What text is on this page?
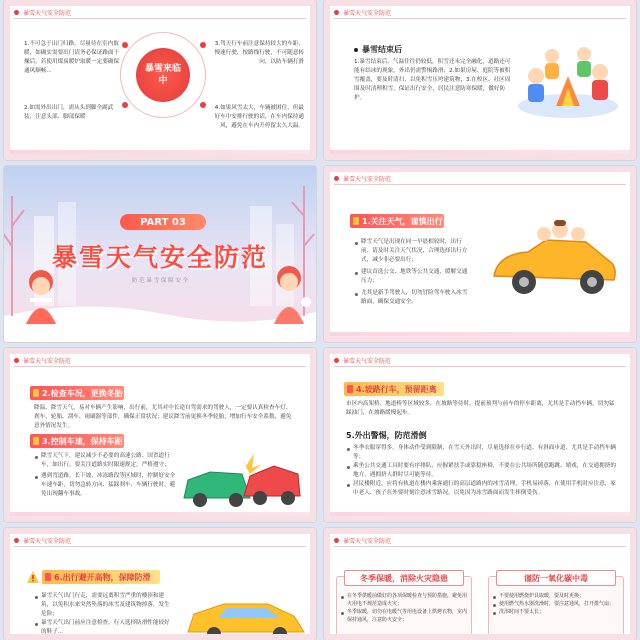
暴雪天气安全防范
暴雪来临中
1.不可急于出门归路，尽量待在室内取暖，如确实需要出门请务必保证路面干燥后，若使用煤炭暖炉取暖一定要确保通风顺畅...
3.驾天行车前注意保持较大的车距，慢速行驶，按路线行驶，不可随意转向，以防车辆打滑
2.如需外出出门，需从头到脚全副武装，注意头部、脚部保暖
4.如果风雪太大，车辆被困住，但最好车中安排行驶的话，在车内保持通风，避免在车内升停留太久大温。
暴雪天气安全防范
暴雪结束后
1.暴雪结束后，气温往往仍较低，积雪还未完全融化，道路还可能有结冰的现象，外出仍需警惕路滑；2.如果房屋、庭院等被积雪覆盖，要及时清扫，以免积雪压垮建筑物；3.在校区、社区周围及时清理积雪，保证出行安全，居民注意防寒保暖，做好防护。
PART 03
暴雪天气安全防范
防 范 暴 雪 保 障 安 全
暴雪天气安全防范
1.关注天气，谨慎出行
降雪天气是出现在同一早晨相较时，出行前、请及时关注天气状况，合理选择出行方式，减少非必要出行；
建议首选公交、地铁等公共交通，缓解交通压力；
尤其是新手驾驶人，切勿冒险驾车驶入冰雪路面，确保交通安全。
暴雪天气安全防范
2.检查车况，更换冬胎
降温、降雪天气，易对车辆产生影响，出行前，尤其对中长途自驾需求的驾驶人，一定要认真检查车灯、刹车、轮胎、刮车、雨刷器等部件，确保正常状况；建议降雪前更换冬季轮胎，增加行车安全系数，避免意外情况发生。
3.控制车速，保持车距
降雪天气下，建议减少不必要的高速公路、国省道行车，如出行，要关注道路实时限速规定，严格遵守；
遇到弯道路、长下坡、冰冻路段等区域时，控制好安全车速车距，切勿急转方向、猛踩刹车、车辆行驶时，避免出现翻车事故。
暴雪天气安全防范
4.坡路行车，预留距离
市区内高架桥、地道桥等区域较多，在坡路等待时，提前预判与前车的停车距离，尤其是手动挡车辆，切勿猛踩油门，在坡路缓慢起步。
5.外出警惕，防范滑倒
冬季衣服穿得多，身体动作受到限制，在雪天外出时，尽量选择在步行道、有斜面步道、尤其是手动挡车辆等；
乘坐公共交通工具时要有序排队，应握紧扶手或靠稳座椅，不要在公共场所随意跑跳、嬉戏，在交通拥挤的地方，遇拥挤人群时尽可能等待。
居民楼附近，应将有轨道在楼内乘客通行的高层道路内的冰雪清理，手机易掉落，在使用手机时应注意，家中老人、孩子在外要时刻注意冰雪路况，以免因为冰雪路面而发生摔倒受伤。
暴雪天气安全防范
6.出行避开高物，保障防滑
暴雪天气出门行走，需要远离积雪严重的楼顶和建筑，以免积水来突然坠落的冰雪及建筑物掉落，发生危险；
暴雪天气出门前应注意检查，行人选择防滑性能较好的鞋子...
暴雪天气安全防范
冬季保暖，消除火灾隐患
在冬季供暖前做好的各项保暖检查与预防措施，避免用火用电不规范造成火灾；
冬季取暖，切勿在电暖气等用电设备上烘烤衣物，室内保持通风，注意防火安全；
谨防一氧化碳中毒
不要使用燃烧炉具取暖，要及时更换；
使用燃气热水器洗澡时，要注意通风，打开排气扇；
洗浴时间不要太长；
